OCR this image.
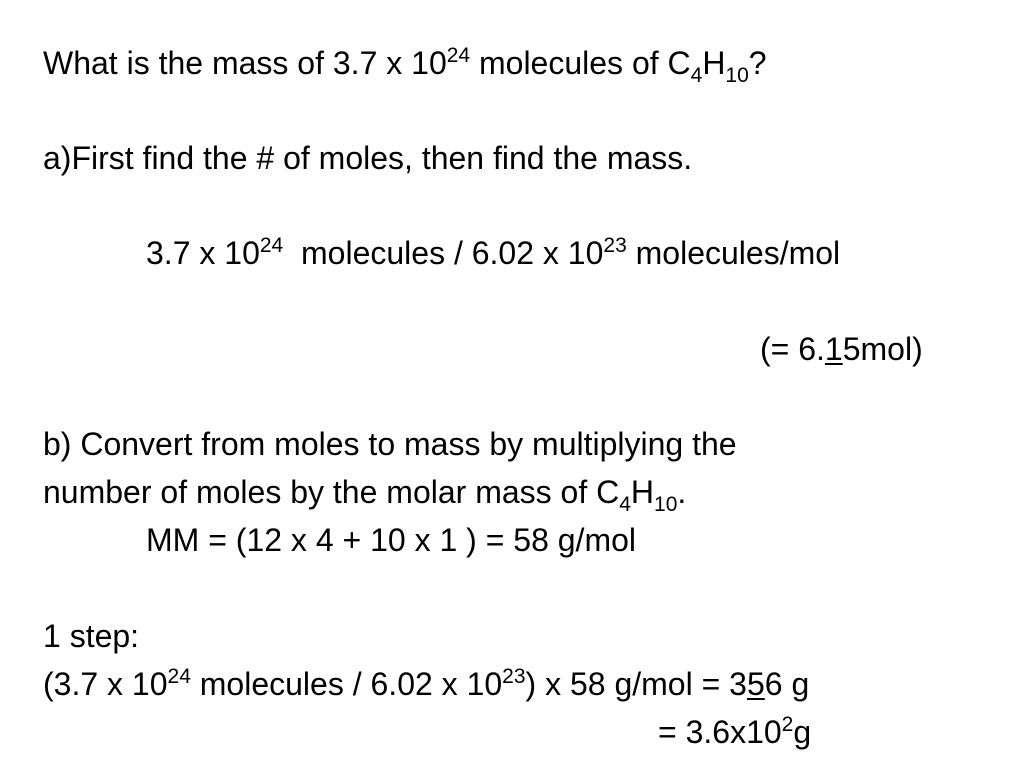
What is the mass of 3.7 x $10^{24}$ molecules of $C_4H_{10}$?
a)First find the # of moles, then find the mass.
3.7 x $10^{24}$  molecules / 6.02 x $10^{23}$ molecules/mol
(= 6.15mol)
b) Convert from moles to mass by multiplying the
number of moles by the molar mass of $C_4H_{10}$.
MM = (12 x 4 + 10 x 1 ) = 58 g/mol
1 step:
(3.7 x $10^{24}$ molecules / 6.02 x $10^{23}$) x 58 g/mol = 356 g
= $3.6x10^2g$
